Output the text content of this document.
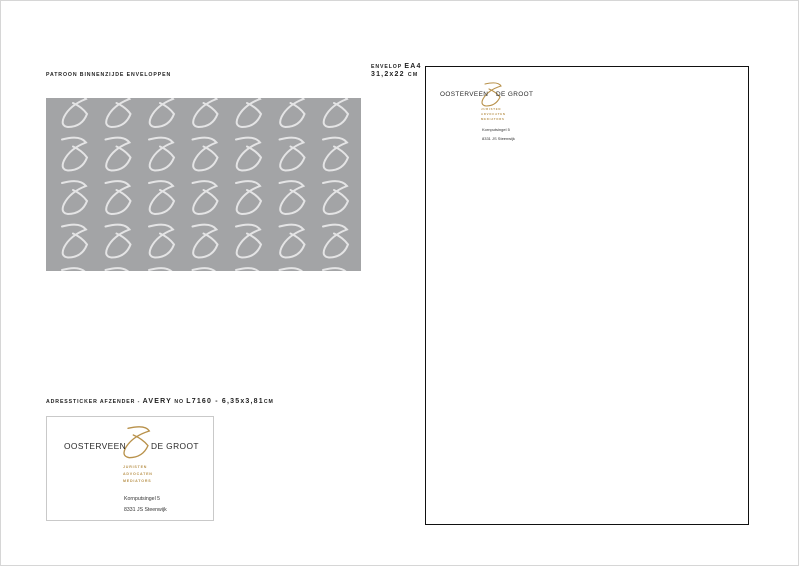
PATROON BINNENZIJDE ENVELOPPEN
ENVELOP EA4
31,2x22 CM
OOSTERVEEN DE GROOT
JURISTEN
ADVOCATEN
MEDIATORS
Kornputsingel 5
8331 JS Steenwijk
ADRESSTICKER AFZENDER - AVERY NO L7160 - 6,35x3,81CM
OOSTERVEEN	DE GROOT
JURISTEN
ADVOCATEN
MEDIATORS
Kornputsingel 5
8331 JS Steenwijk
